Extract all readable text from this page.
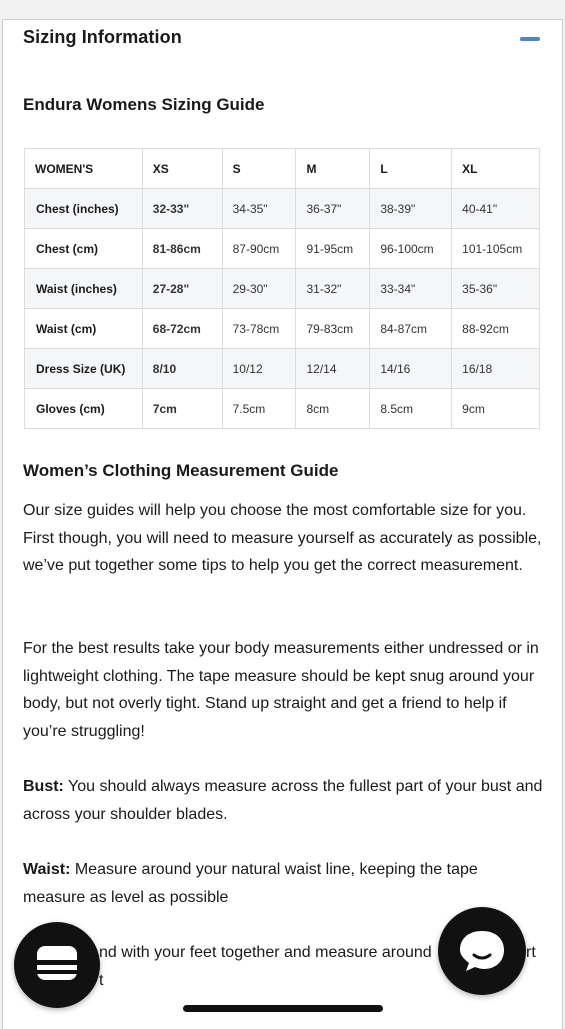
Sizing Information
Endura Womens Sizing Guide
WOMEN'S	XS	S	M	L	XL
Chest (inches)	32-33"	34-35"	36-37"	38-39"	40-41"
Chest (cm)	81-86cm	87-90cm	91-95cm	96-100cm	101-105cm
Waist (inches)	27-28"	29-30"	31-32"	33-34"	35-36"
Waist (cm)	68-72cm	73-78cm	79-83cm	84-87cm	88-92cm
Dress Size (UK)	8/10	10/12	12/14	14/16	16/18
Gloves (cm)	7cm	7.5cm	8cm	8.5cm	9cm
Women’s Clothing Measurement Guide
Our size guides will help you choose the most comfortable size for you. First though, you will need to measure yourself as accurately as possible, we’ve put together some tips to help you get the correct measurement.
For the best results take your body measurements either undressed or in lightweight clothing. The tape measure should be kept snug around your body, but not overly tight. Stand up straight and get a friend to help if you’re struggling!
Bust: You should always measure across the fullest part of your bust and across your shoulder blades.
Waist: Measure around your natural waist line, keeping the tape measure as level as possible
nd with your feet together and measure around t
rt
